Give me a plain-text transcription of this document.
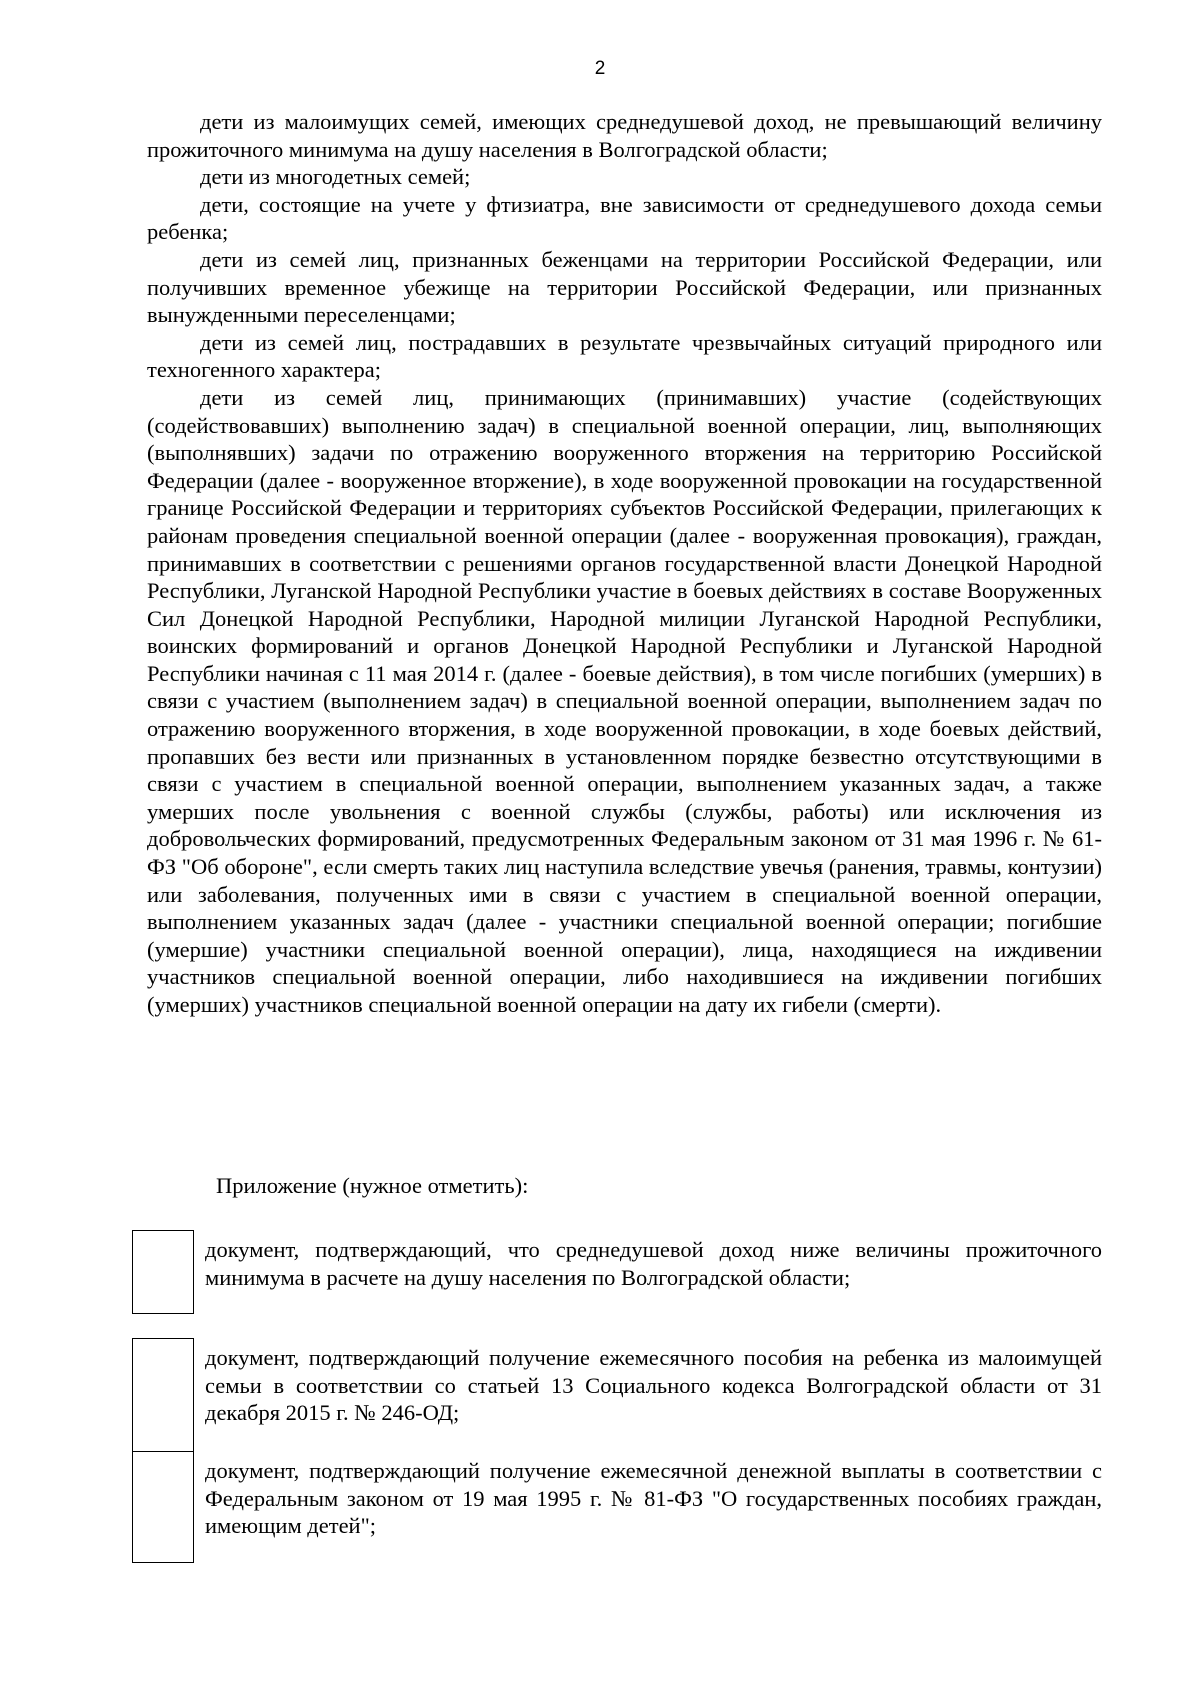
2

дети из малоимущих семей, имеющих среднедушевой доход, не превышающий величину прожиточного минимума на душу населения в Волгоградской области;

дети из многодетных семей;

дети, состоящие на учете у фтизиатра, вне зависимости от среднедушевого дохода семьи ребенка;

дети из семей лиц, признанных беженцами на территории Российской Федерации, или получивших временное убежище на территории Российской Федерации, или признанных вынужденными переселенцами;

дети из семей лиц, пострадавших в результате чрезвычайных ситуаций природного или техногенного характера;

дети из семей лиц, принимающих (принимавших) участие (содействующих (содействовавших) выполнению задач) в специальной военной операции, лиц, выполняющих (выполнявших) задачи по отражению вооруженного вторжения на территорию Российской Федерации (далее - вооруженное вторжение), в ходе вооруженной провокации на государственной границе Российской Федерации и территориях субъектов Российской Федерации, прилегающих к районам проведения специальной военной операции (далее - вооруженная провокация), граждан, принимавших в соответствии с решениями органов государственной власти Донецкой Народной Республики, Луганской Народной Республики участие в боевых действиях в составе Вооруженных Сил Донецкой Народной Республики, Народной милиции Луганской Народной Республики, воинских формирований и органов Донецкой Народной Республики и Луганской Народной Республики начиная с 11 мая 2014 г. (далее - боевые действия), в том числе погибших (умерших) в связи с участием (выполнением задач) в специальной военной операции, выполнением задач по отражению вооруженного вторжения, в ходе вооруженной провокации, в ходе боевых действий, пропавших без вести или признанных в установленном порядке безвестно отсутствующими в связи с участием в специальной военной операции, выполнением указанных задач, а также умерших после увольнения с военной службы (службы, работы) или исключения из добровольческих формирований, предусмотренных Федеральным законом от 31 мая 1996 г. № 61-ФЗ "Об обороне", если смерть таких лиц наступила вследствие увечья (ранения, травмы, контузии) или заболевания, полученных ими в связи с участием в специальной военной операции, выполнением указанных задач (далее - участники специальной военной операции; погибшие (умершие) участники специальной военной операции), лица, находящиеся на иждивении участников специальной военной операции, либо находившиеся на иждивении погибших (умерших) участников специальной военной операции на дату их гибели (смерти).

Приложение (нужное отметить):
документ, подтверждающий, что среднедушевой доход ниже величины прожиточного минимума в расчете на душу населения по Волгоградской области;
документ, подтверждающий получение ежемесячного пособия на ребенка из малоимущей семьи в соответствии со статьей 13 Социального кодекса Волгоградской области от 31 декабря 2015 г. № 246-ОД;
документ, подтверждающий получение ежемесячной денежной выплаты в соответствии с Федеральным законом от 19 мая 1995 г. № 81-ФЗ "О государственных пособиях граждан, имеющим детей";
